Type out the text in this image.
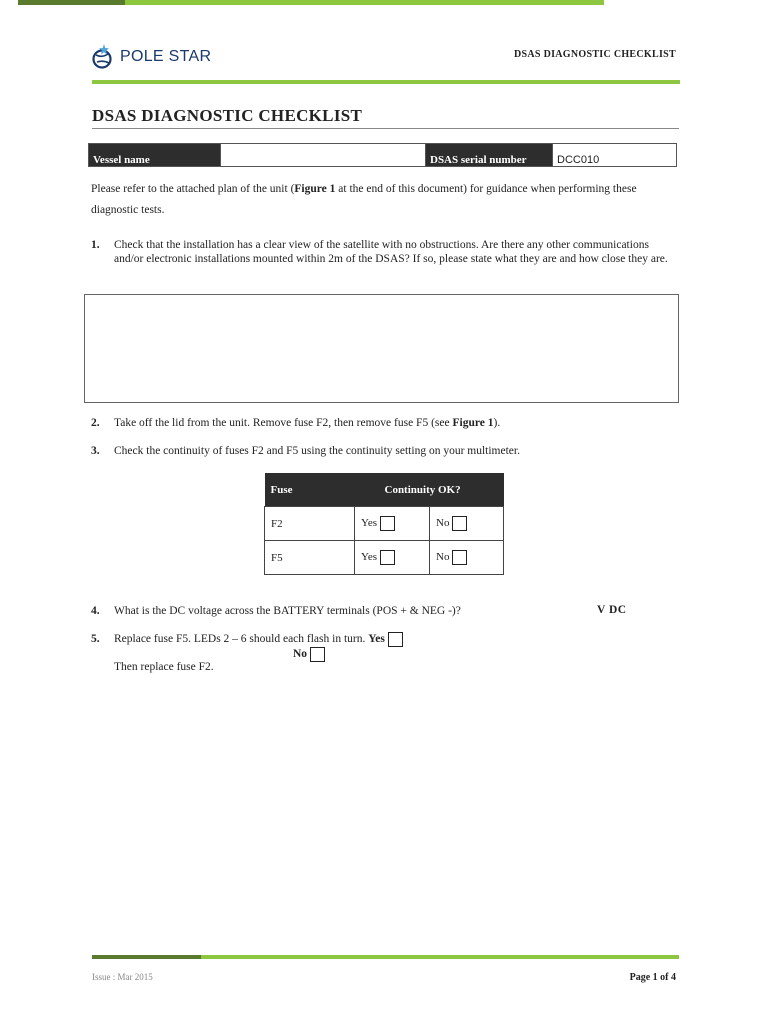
POLE STAR	DSAS DIAGNOSTIC CHECKLIST
DSAS DIAGNOSTIC CHECKLIST
Vessel name		DSAS serial number	DCC010
Please refer to the attached plan of the unit (Figure 1 at the end of this document) for guidance when performing these diagnostic tests.
1.	Check that the installation has a clear view of the satellite with no obstructions. Are there any other communications and/or electronic installations mounted within 2m of the DSAS? If so, please state what they are and how close they are.
2.	Take off the lid from the unit. Remove fuse F2, then remove fuse F5 (see Figure 1).
3.	Check the continuity of fuses F2 and F5 using the continuity setting on your multimeter.
Fuse	Continuity OK?	
F2	Yes	No
F5	Yes	No
4.	What is the DC voltage across the BATTERY terminals (POS + & NEG -)?	V DC
5.	Replace fuse F5. LEDs 2 – 6 should each flash in turn. Yes
No
Then replace fuse F2.
Issue : Mar 2015	Page 1 of 4
